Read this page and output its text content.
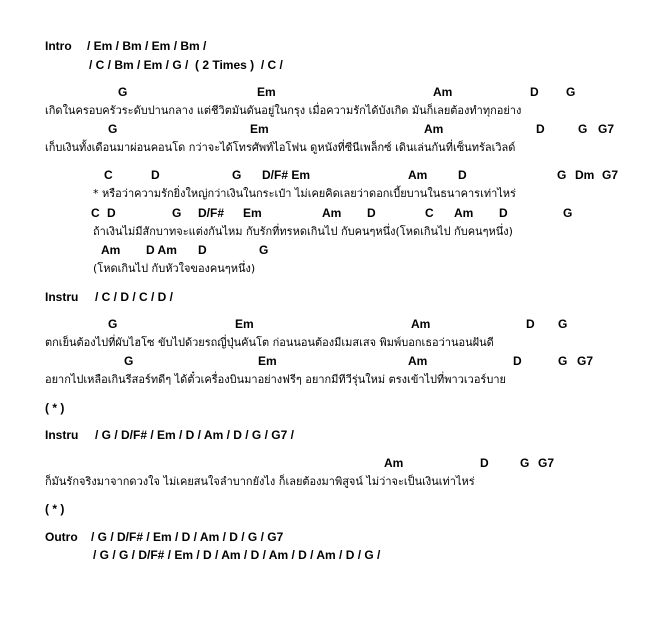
Intro / Em / Bm / Em / Bm /
/ C / Bm / Em / G /  ( 2 Times )  / C /
G	Em	Am	D G
เกิดในครอบครัวระดับปานกลาง แต่ชีวิตมันดันอยู่ในกรุง เมื่อความรักได้บังเกิด มันก็เลยต้องทำทุกอย่าง
G	Em	Am	D	G G7
เก็บเงินทั้งเดือนมาผ่อนคอนโด กว่าจะได้โทรศัพท์ไอโฟน ดูหนังที่ซีนีเพล็กซ์ เดินเล่นกันที่เซ็นทรัลเวิลด์
C	D	G D/F# Em	Am	D	G Dm G7
* หรือว่าความรักยิ่งใหญ่กว่าเงินในกระเป๋า ไม่เคยคิดเลยว่าดอกเบี้ยบานในธนาคารเท่าไหร่
C D	G D/F# Em	Am D	C Am D	G
ถ้าเงินไม่มีสักบาทจะแต่งกันไหม กับรักที่ทรหดเกินไป กับคนๆหนึ่ง(โหดเกินไป กับคนๆหนึ่ง)
Am D Am D	G
(โหดเกินไป กับหัวใจของคนๆหนึ่ง)
Instru / C / D / C / D /
G	Em	Am	D G
ตกเย็นต้องไปที่ผับไฮโซ ขับไปด้วยรถญี่ปุ่นคันโต ก่อนนอนต้องมีเมสเสจ พิมพ์บอกเธอว่านอนฝันดี
G	Em	Am	D	G G7
อยากไปเหลือเกินรีสอร์ทดีๆ ได้ตั๋วเครื่องบินมาอย่างฟรีๆ อยากมีทีวีรุ่นใหม่ ตรงเข้าไปที่พาวเวอร์บาย
( * )
Instru / G / D/F# / Em / D / Am / D / G / G7 /
Am	D	G G7
ก็มันรักจริงมาจากดวงใจ ไม่เคยสนใจลำบากยังไง ก็เลยต้องมาพิสูจน์ ไม่ว่าจะเป็นเงินเท่าไหร่
( * )
Outro / G / D/F# / Em / D / Am / D / G / G7
/ G / G / D/F# / Em / D / Am / D / Am / D / Am / D / G /
